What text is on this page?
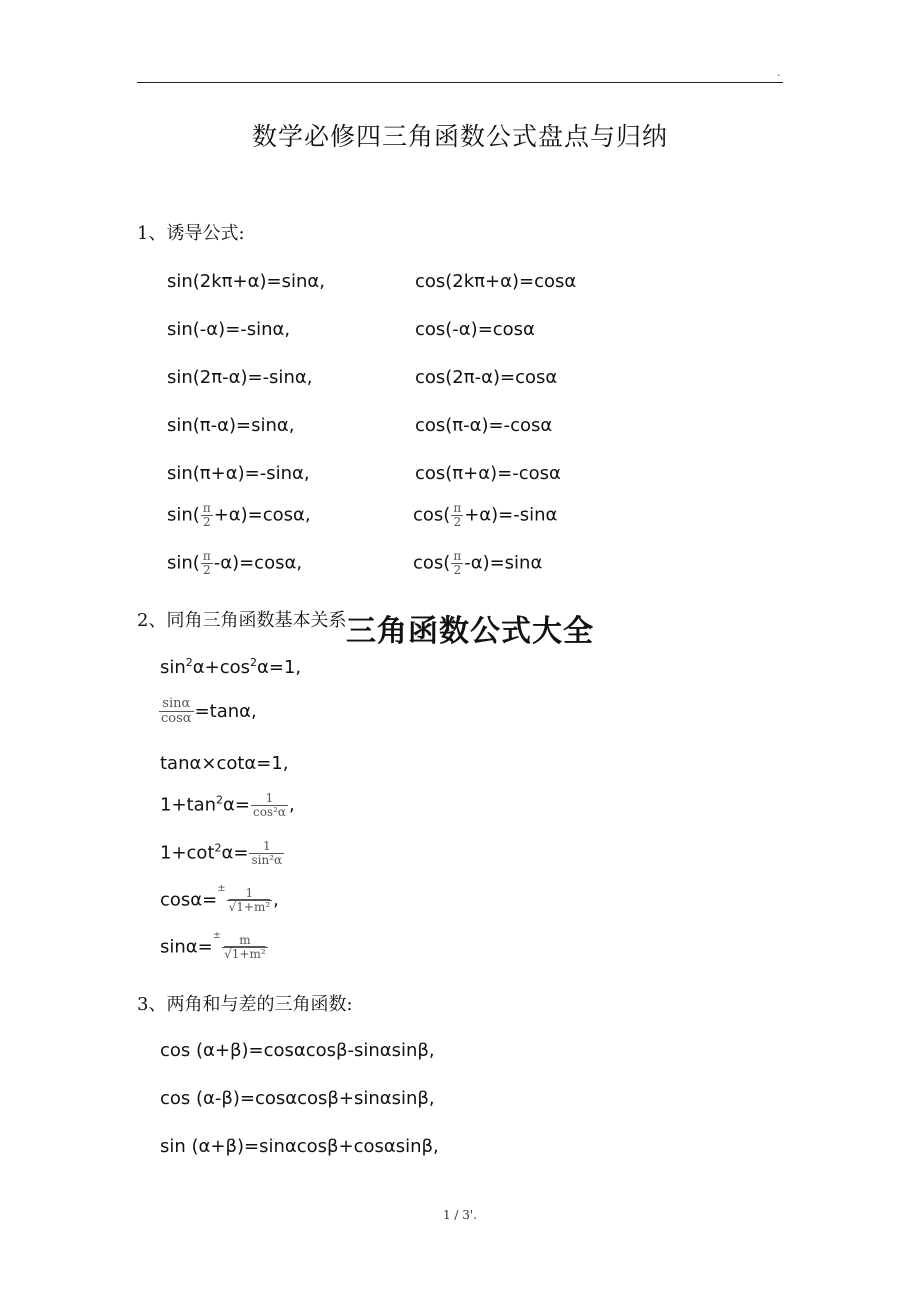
.
数学必修四三角函数公式盘点与归纳
1、诱导公式:
sin(2kπ+α)=sinα,	cos(2kπ+α)=cosα
sin(-α)=-sinα,	cos(-α)=cosα
sin(2π-α)=-sinα,	cos(2π-α)=cosα
sin(π-α)=sinα,	cos(π-α)=-cosα
sin(π+α)=-sinα,	cos(π+α)=-cosα
$\sin( \frac{\pi}{2} +\alpha)=\cos\alpha$,	$\cos( \frac{\pi}{2} +\alpha)=-\sin\alpha$
$\sin( \frac{\pi}{2} -\alpha)=\cos\alpha$,	$\cos( \frac{\pi}{2} -\alpha)=\sin\alpha$
2、同角三角函数基本关系 三角函数公式大全
$\sin^2\alpha+\cos^2\alpha=1$,
$\frac{\sin\alpha}{\cos\alpha} =\tan\alpha$,
tanα×cotα=1,
$1+\tan^2\alpha= \frac{1}{\text{cos²α}}$ ,
$1+\cot^2\alpha= \frac{1}{\text{sin²α}}$
$\cos\alpha=^\pm \frac{1}{\text{√1+m²}}$ ,
$\sin\alpha=^\pm \frac{m}{\text{√1+m²}}$
3、两角和与差的三角函数:
cos (α+β)=cosαcosβ-sinαsinβ,
cos (α-β)=cosαcosβ+sinαsinβ,
sin (α+β)=sinαcosβ+cosαsinβ,
1 / 3'.
